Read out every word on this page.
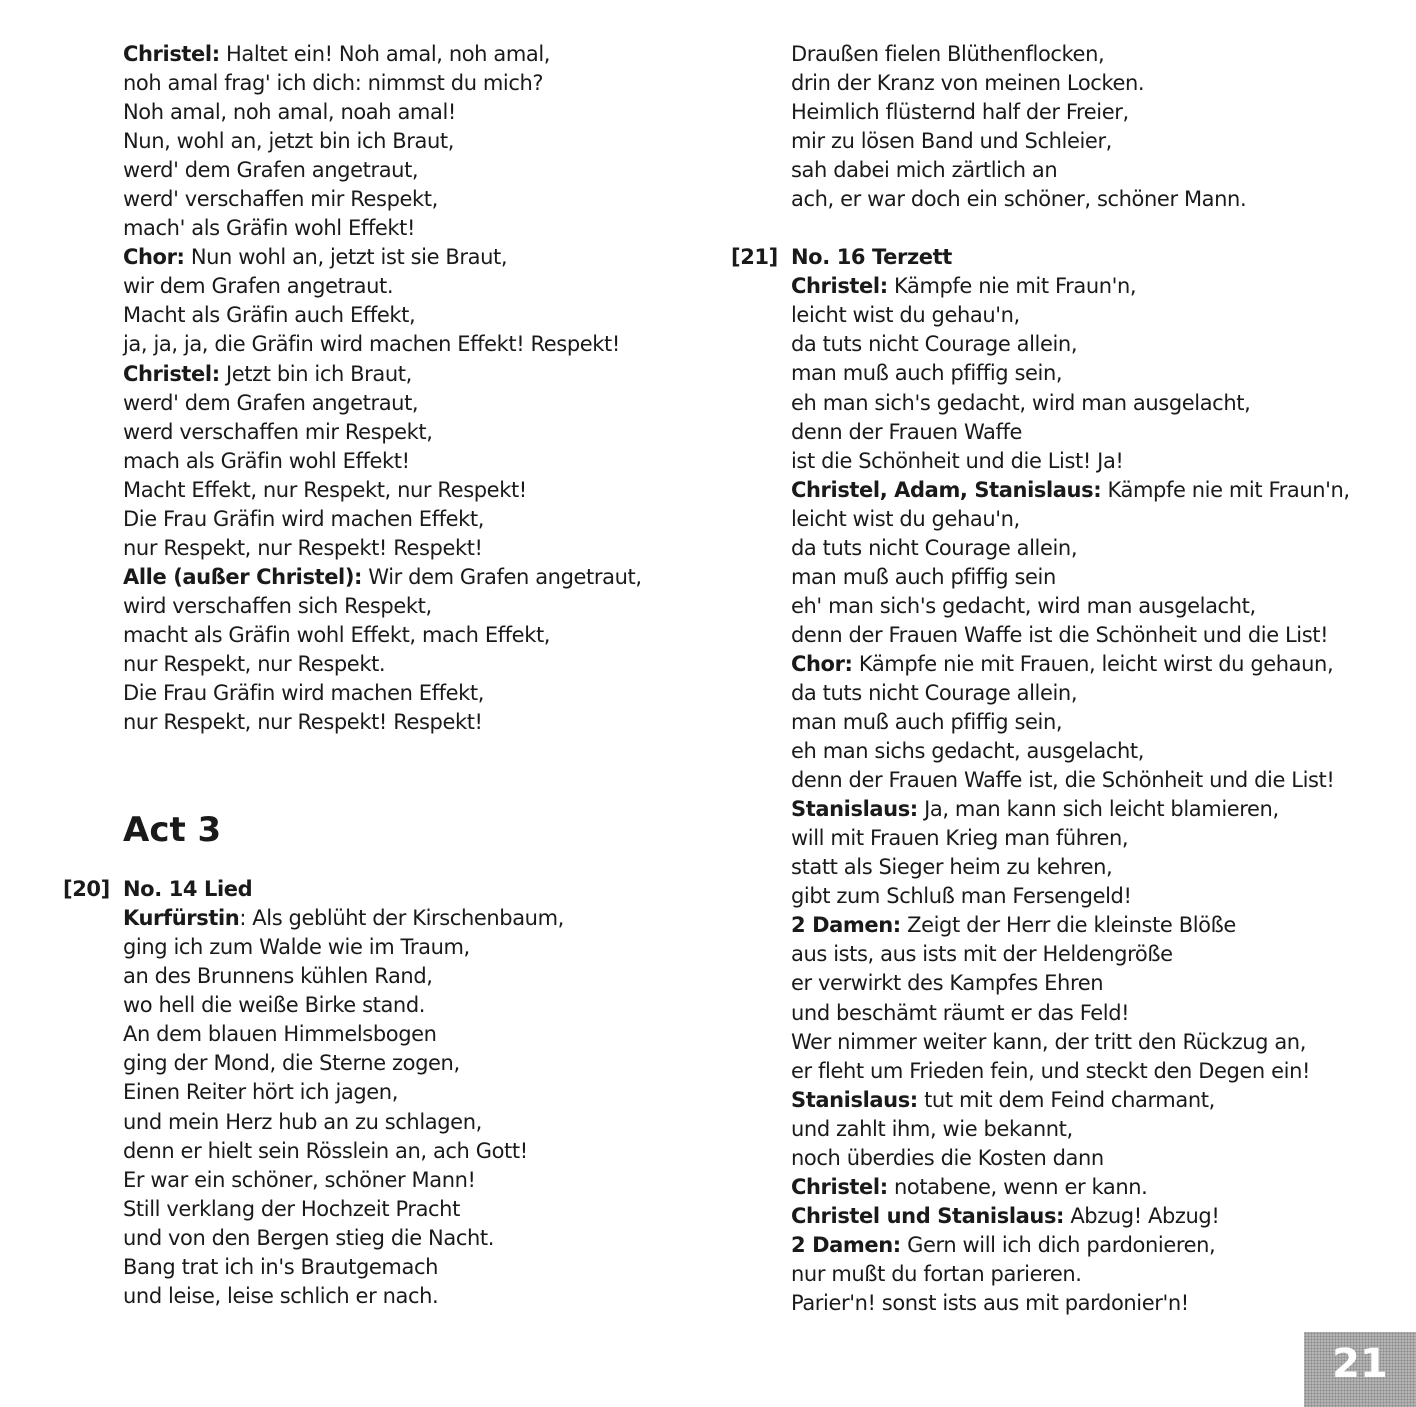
Christel: Haltet ein! Noh amal, noh amal,
noh amal frag' ich dich: nimmst du mich?
Noh amal, noh amal, noah amal!
Nun, wohl an, jetzt bin ich Braut,
werd' dem Grafen angetraut,
werd' verschaffen mir Respekt,
mach' als Gräfin wohl Effekt!
Chor: Nun wohl an, jetzt ist sie Braut,
wir dem Grafen angetraut.
Macht als Gräfin auch Effekt,
ja, ja, ja, die Gräfin wird machen Effekt! Respekt!
Christel: Jetzt bin ich Braut,
werd' dem Grafen angetraut,
werd verschaffen mir Respekt,
mach als Gräfin wohl Effekt!
Macht Effekt, nur Respekt, nur Respekt!
Die Frau Gräfin wird machen Effekt,
nur Respekt, nur Respekt! Respekt!
Alle (außer Christel): Wir dem Grafen angetraut,
wird verschaffen sich Respekt,
macht als Gräfin wohl Effekt, mach Effekt,
nur Respekt, nur Respekt.
Die Frau Gräfin wird machen Effekt,
nur Respekt, nur Respekt! Respekt!
Act 3
[20] No. 14 Lied
Kurfürstin: Als geblüht der Kirschenbaum,
ging ich zum Walde wie im Traum,
an des Brunnens kühlen Rand,
wo hell die weiße Birke stand.
An dem blauen Himmelsbogen
ging der Mond, die Sterne zogen,
Einen Reiter hört ich jagen,
und mein Herz hub an zu schlagen,
denn er hielt sein Rösslein an, ach Gott!
Er war ein schöner, schöner Mann!
Still verklang der Hochzeit Pracht
und von den Bergen stieg die Nacht.
Bang trat ich in's Brautgemach
und leise, leise schlich er nach.
Draußen fielen Blüthenflocken,
drin der Kranz von meinen Locken.
Heimlich flüsternd half der Freier,
mir zu lösen Band und Schleier,
sah dabei mich zärtlich an
ach, er war doch ein schöner, schöner Mann.
[21] No. 16 Terzett
Christel: Kämpfe nie mit Fraun'n,
leicht wist du gehau'n,
da tuts nicht Courage allein,
man muß auch pfiffig sein,
eh man sich's gedacht, wird man ausgelacht,
denn der Frauen Waffe
ist die Schönheit und die List! Ja!
Christel, Adam, Stanislaus: Kämpfe nie mit Fraun'n,
leicht wist du gehau'n,
da tuts nicht Courage allein,
man muß auch pfiffig sein
eh' man sich's gedacht, wird man ausgelacht,
denn der Frauen Waffe ist die Schönheit und die List!
Chor: Kämpfe nie mit Frauen, leicht wirst du gehaun,
da tuts nicht Courage allein,
man muß auch pfiffig sein,
eh man sichs gedacht, ausgelacht,
denn der Frauen Waffe ist, die Schönheit und die List!
Stanislaus: Ja, man kann sich leicht blamieren,
will mit Frauen Krieg man führen,
statt als Sieger heim zu kehren,
gibt zum Schluß man Fersengeld!
2 Damen: Zeigt der Herr die kleinste Blöße
aus ists, aus ists mit der Heldengröße
er verwirkt des Kampfes Ehren
und beschämt räumt er das Feld!
Wer nimmer weiter kann, der tritt den Rückzug an,
er fleht um Frieden fein, und steckt den Degen ein!
Stanislaus: tut mit dem Feind charmant,
und zahlt ihm, wie bekannt,
noch überdies die Kosten dann
Christel: notabene, wenn er kann.
Christel und Stanislaus: Abzug! Abzug!
2 Damen: Gern will ich dich pardonieren,
nur mußt du fortan parieren.
Parier'n! sonst ists aus mit pardonier'n!
21
